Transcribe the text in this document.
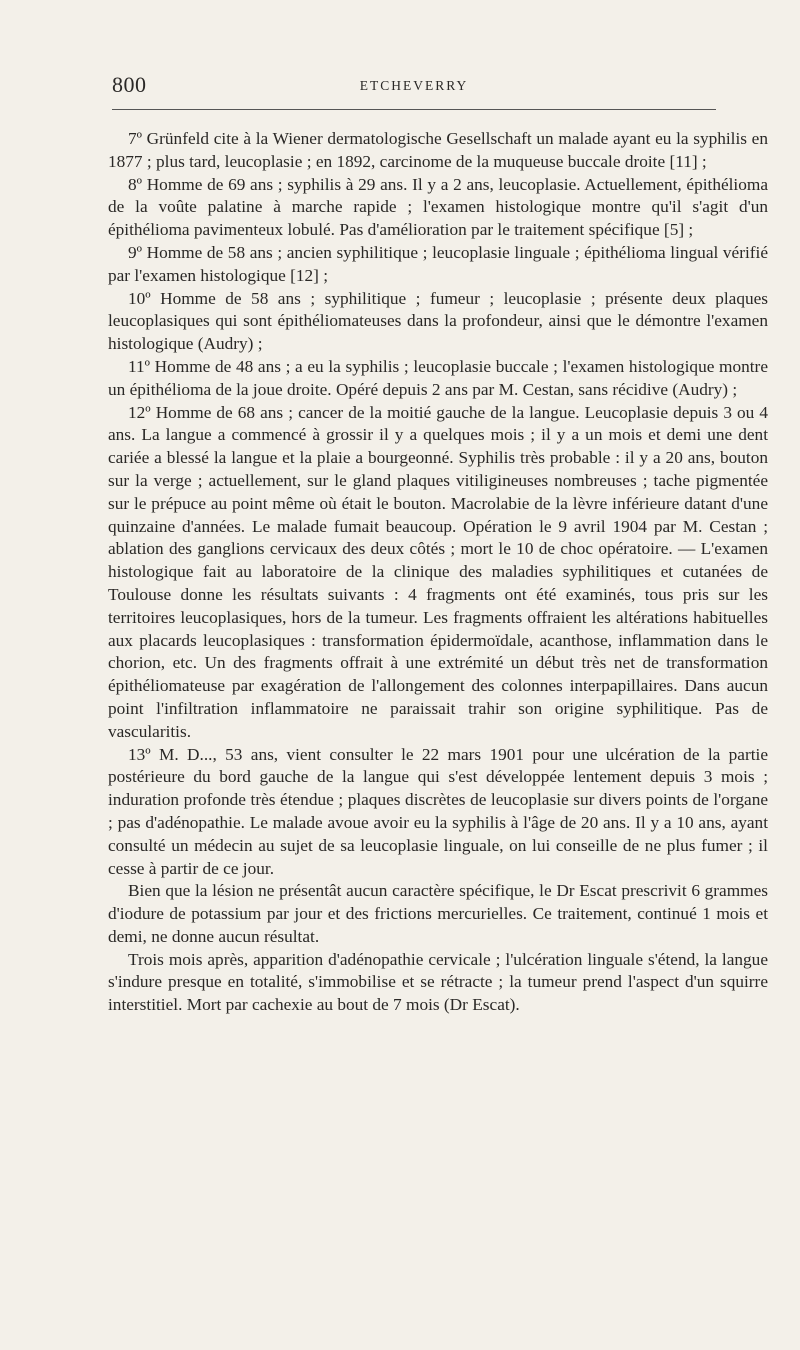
800	ETCHEVERRY

7º Grünfeld cite à la Wiener dermatologische Gesellschaft un malade ayant eu la syphilis en 1877 ; plus tard, leucoplasie ; en 1892, carcinome de la muqueuse buccale droite [11] ;

8º Homme de 69 ans ; syphilis à 29 ans. Il y a 2 ans, leucoplasie. Actuellement, épithélioma de la voûte palatine à marche rapide ; l'examen histologique montre qu'il s'agit d'un épithélioma pavimenteux lobulé. Pas d'amélioration par le traitement spécifique [5] ;

9º Homme de 58 ans ; ancien syphilitique ; leucoplasie linguale ; épithélioma lingual vérifié par l'examen histologique [12] ;

10º Homme de 58 ans ; syphilitique ; fumeur ; leucoplasie ; présente deux plaques leucoplasiques qui sont épithéliomateuses dans la profondeur, ainsi que le démontre l'examen histologique (Audry) ;

11º Homme de 48 ans ; a eu la syphilis ; leucoplasie buccale ; l'examen histologique montre un épithélioma de la joue droite. Opéré depuis 2 ans par M. Cestan, sans récidive (Audry) ;

12º Homme de 68 ans ; cancer de la moitié gauche de la langue. Leucoplasie depuis 3 ou 4 ans. La langue a commencé à grossir il y a quelques mois ; il y a un mois et demi une dent cariée a blessé la langue et la plaie a bourgeonné. Syphilis très probable : il y a 20 ans, bouton sur la verge ; actuellement, sur le gland plaques vitiligineuses nombreuses ; tache pigmentée sur le prépuce au point même où était le bouton. Macrolabie de la lèvre inférieure datant d'une quinzaine d'années. Le malade fumait beaucoup. Opération le 9 avril 1904 par M. Cestan ; ablation des ganglions cervicaux des deux côtés ; mort le 10 de choc opératoire. — L'examen histologique fait au laboratoire de la clinique des maladies syphilitiques et cutanées de Toulouse donne les résultats suivants : 4 fragments ont été examinés, tous pris sur les territoires leucoplasiques, hors de la tumeur. Les fragments offraient les altérations habituelles aux placards leucoplasiques : transformation épidermoïdale, acanthose, inflammation dans le chorion, etc. Un des fragments offrait à une extrémité un début très net de transformation épithéliomateuse par exagération de l'allongement des colonnes interpapillaires. Dans aucun point l'infiltration inflammatoire ne paraissait trahir son origine syphilitique. Pas de vascularitis.

13º M. D..., 53 ans, vient consulter le 22 mars 1901 pour une ulcération de la partie postérieure du bord gauche de la langue qui s'est développée lentement depuis 3 mois ; induration profonde très étendue ; plaques discrètes de leucoplasie sur divers points de l'organe ; pas d'adénopathie. Le malade avoue avoir eu la syphilis à l'âge de 20 ans. Il y a 10 ans, ayant consulté un médecin au sujet de sa leucoplasie linguale, on lui conseille de ne plus fumer ; il cesse à partir de ce jour.

Bien que la lésion ne présentât aucun caractère spécifique, le Dr Escat prescrivit 6 grammes d'iodure de potassium par jour et des frictions mercurielles. Ce traitement, continué 1 mois et demi, ne donne aucun résultat.

Trois mois après, apparition d'adénopathie cervicale ; l'ulcération linguale s'étend, la langue s'indure presque en totalité, s'immobilise et se rétracte ; la tumeur prend l'aspect d'un squirre interstitiel. Mort par cachexie au bout de 7 mois (Dr Escat).
